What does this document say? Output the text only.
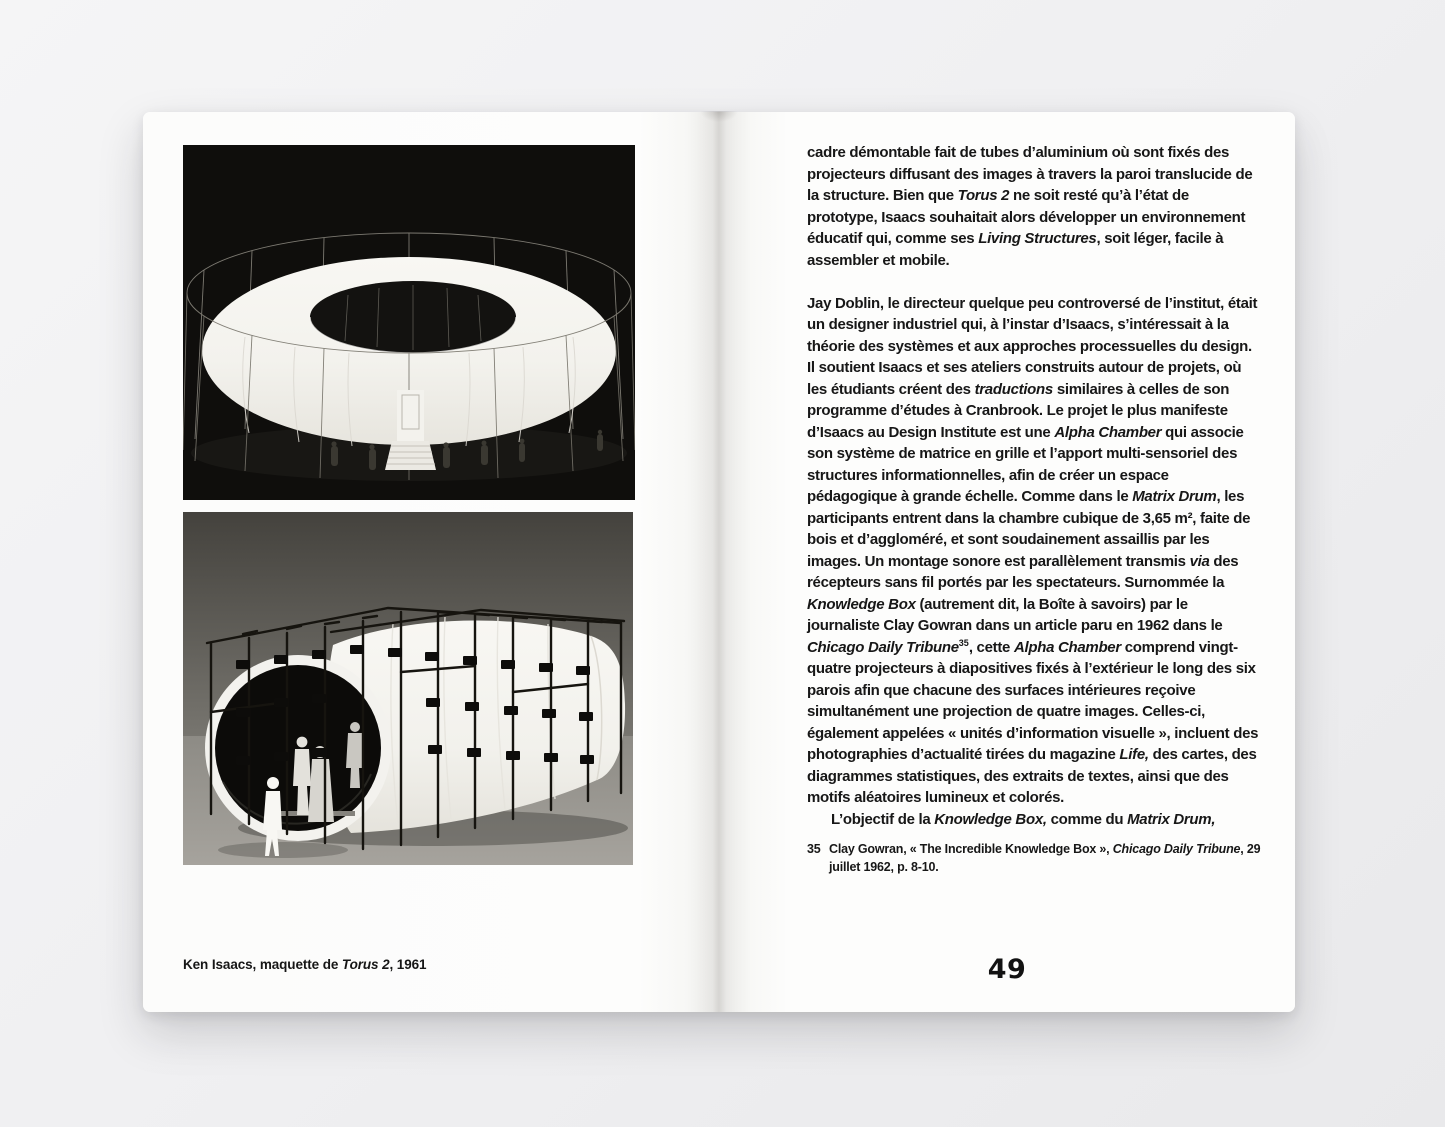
Ken Isaacs, maquette de Torus 2, 1961

cadre démontable fait de tubes d’aluminium où sont fixés des projecteurs diffusant des images à travers la paroi translucide de la structure. Bien que Torus 2 ne soit resté qu’à l’état de prototype, Isaacs souhaitait alors développer un environnement éducatif qui, comme ses Living Structures, soit léger, facile à assembler et mobile.

Jay Doblin, le directeur quelque peu controversé de l’institut, était un designer industriel qui, à l’instar d’Isaacs, s’intéressait à la théorie des systèmes et aux approches processuelles du design. Il soutient Isaacs et ses ateliers construits autour de projets, où les étudiants créent des traductions similaires à celles de son programme d’études à Cranbrook. Le projet le plus manifeste d’Isaacs au Design Institute est une Alpha Chamber qui associe son système de matrice en grille et l’apport multi-sensoriel des structures informationnelles, afin de créer un espace pédagogique à grande échelle. Comme dans le Matrix Drum, les participants entrent dans la chambre cubique de 3,65 m², faite de bois et d’aggloméré, et sont soudainement assaillis par les images. Un montage sonore est parallèlement transmis via des récepteurs sans fil portés par les spectateurs. Surnommée la Knowledge Box (autrement dit, la Boîte à savoirs) par le journaliste Clay Gowran dans un article paru en 1962 dans le Chicago Daily Tribune$^{35}$, cette Alpha Chamber comprend vingt-quatre projecteurs à diapositives fixés à l’extérieur le long des six parois afin que chacune des surfaces intérieures reçoive simultanément une projection de quatre images. Celles-ci, également appelées « unités d’information visuelle », incluent des photographies d’actualité tirées du magazine Life, des cartes, des diagrammes statistiques, des extraits de textes, ainsi que des motifs aléatoires lumineux et colorés.

L’objectif de la Knowledge Box, comme du Matrix Drum,

35 Clay Gowran, « The Incredible Knowledge Box », Chicago Daily Tribune, 29 juillet 1962, p. 8-10.
49
